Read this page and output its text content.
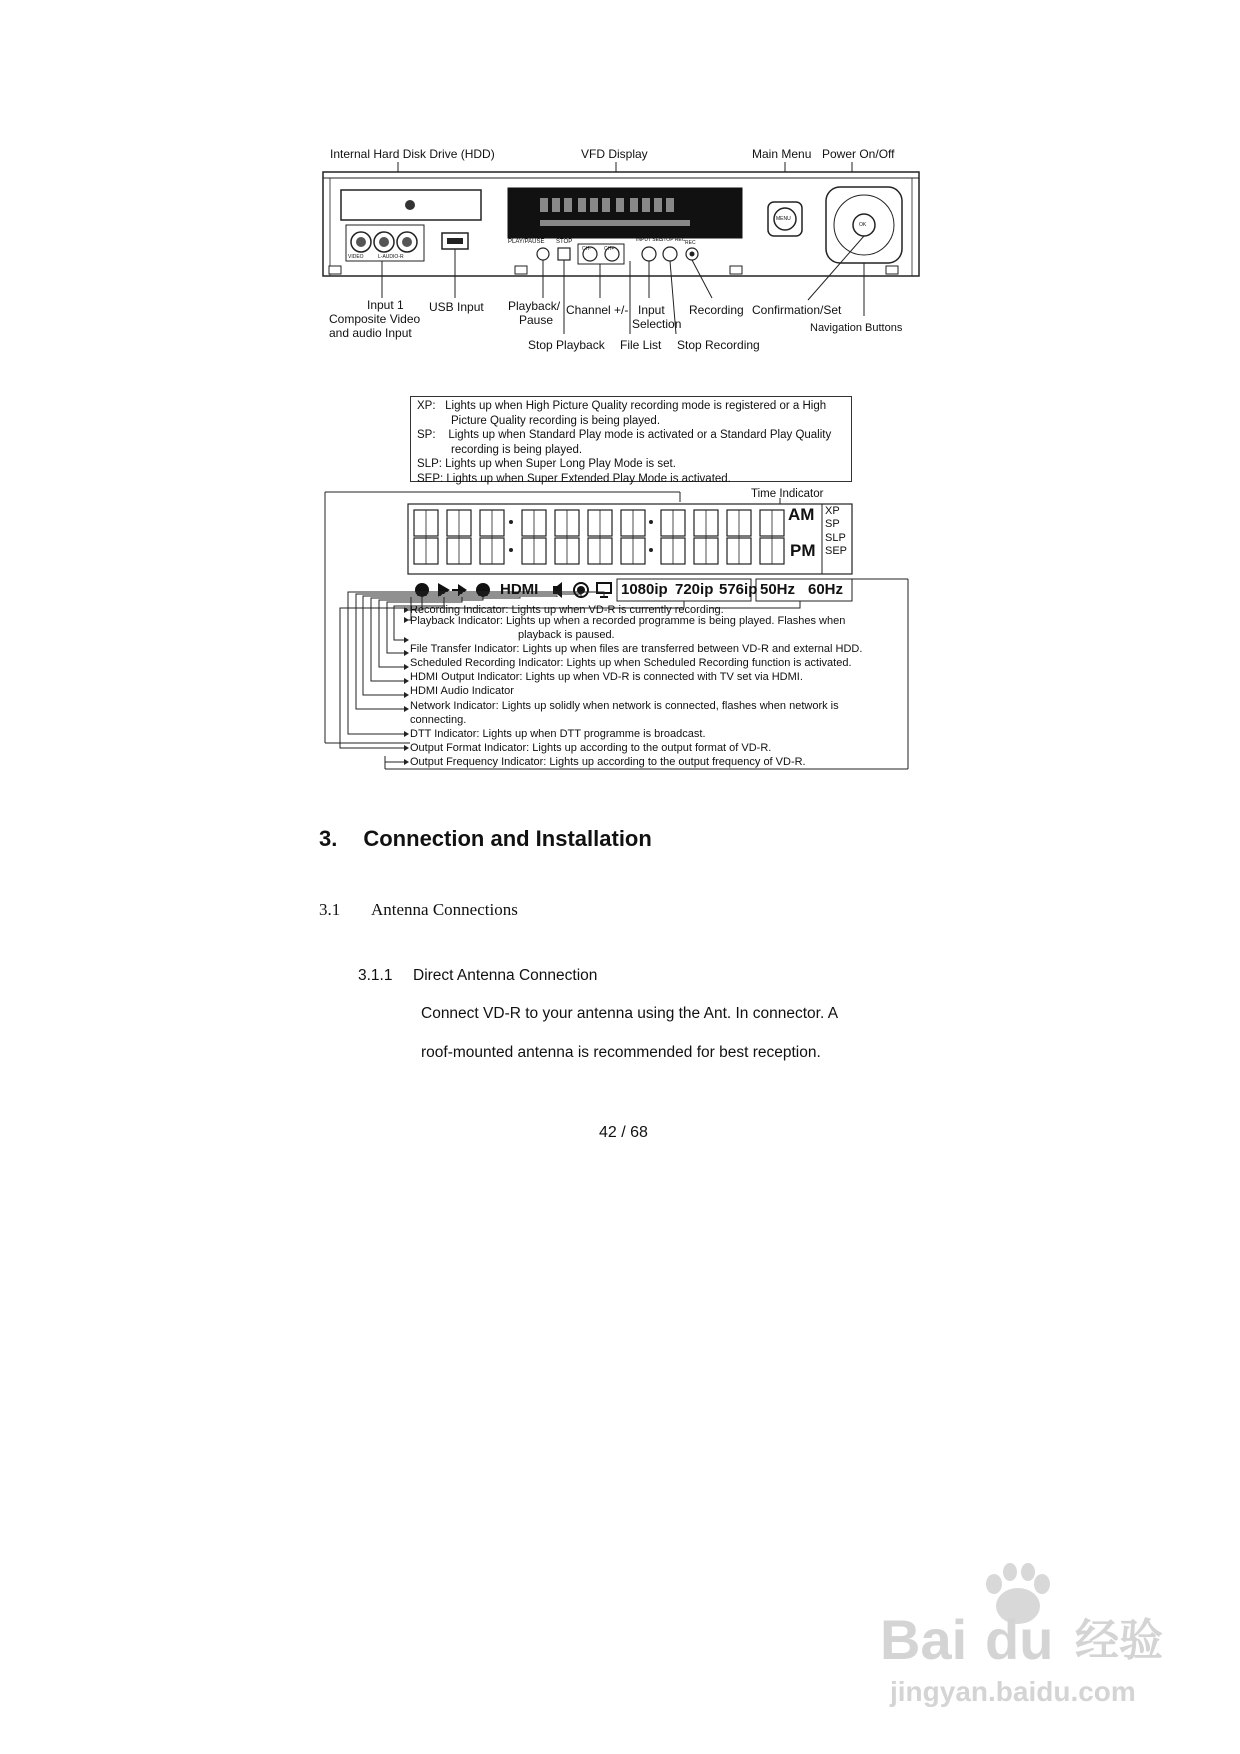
Internal Hard Disk Drive (HDD)	VFD Display	Main Menu Power On/Off
PLAY/PAUSE STOP
CH-	CH+
INPUT SEL
STOP REC REC
MENU
OK
VIDEO	L-AUDIO-R
Input 1
Composite Video
and audio Input
USB Input Playback/
Pause
Channel +/- Input
Selection
Recording Confirmation/Set
Navigation Buttons
Stop Playback File List Stop Recording
XP: Lights up when High Picture Quality recording mode is registered or a High
Picture Quality recording is being played.
SP: Lights up when Standard Play mode is activated or a Standard Play Quality
recording is being played.
SLP: Lights up when Super Long Play Mode is set.
SEP: Lights up when Super Extended Play Mode is activated.
Time Indicator
AM
PM
XP
SP
SLP
SEP
HDMI	1080ip 720ip 576ip 50Hz 60Hz
Recording Indicator: Lights up when VD-R is currently recording.
Playback Indicator: Lights up when a recorded programme is being played. Flashes when
playback is paused.
File Transfer Indicator: Lights up when files are transferred between VD-R and external HDD.
Scheduled Recording Indicator: Lights up when Scheduled Recording function is activated.
HDMI Output Indicator: Lights up when VD-R is connected with TV set via HDMI.
HDMI Audio Indicator
Network Indicator: Lights up solidly when network is connected, flashes when network is
connecting.
DTT Indicator: Lights up when DTT programme is broadcast.
Output Format Indicator: Lights up according to the output format of VD-R.
Output Frequency Indicator: Lights up according to the output frequency of VD-R.
3. Connection and Installation
3.1 Antenna Connections
3.1.1 Direct Antenna Connection
Connect VD-R to your antenna using the Ant. In connector. A
roof-mounted antenna is recommended for best reception.
42 / 68
Bai du 经验
jingyan.baidu.com
